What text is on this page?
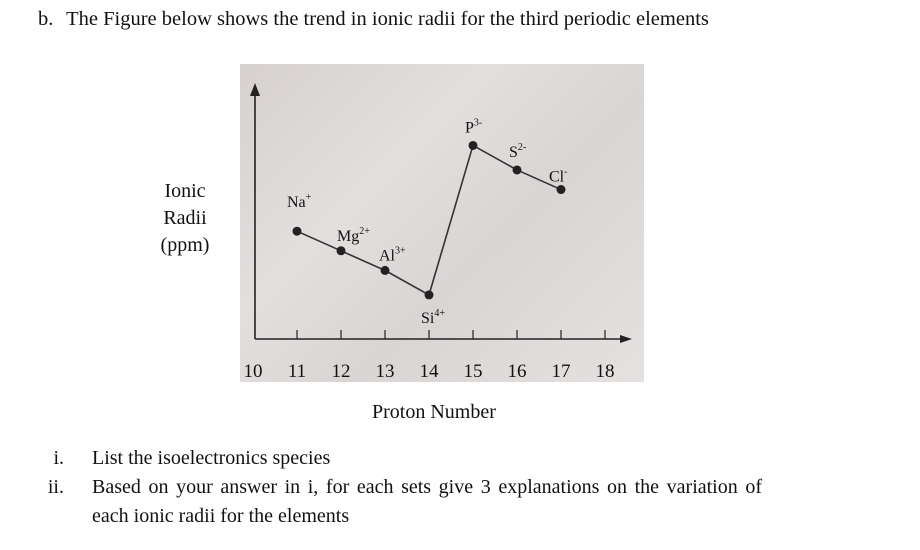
b. The Figure below shows the trend in ionic radii for the third periodic elements
Ionic
Radii
(ppm)
10 11 12 13 14 15 16 17 18
Na+
$Mg^{2+}$
$Al^{3+}$
$Si^{4+}$
$P^{3-}$
$S^{2-}$
Cl-
Proton Number
i. List the isoelectronics species
ii. Based on your answer in i, for each sets give 3 explanations on the variation of each ionic radii for the elements
